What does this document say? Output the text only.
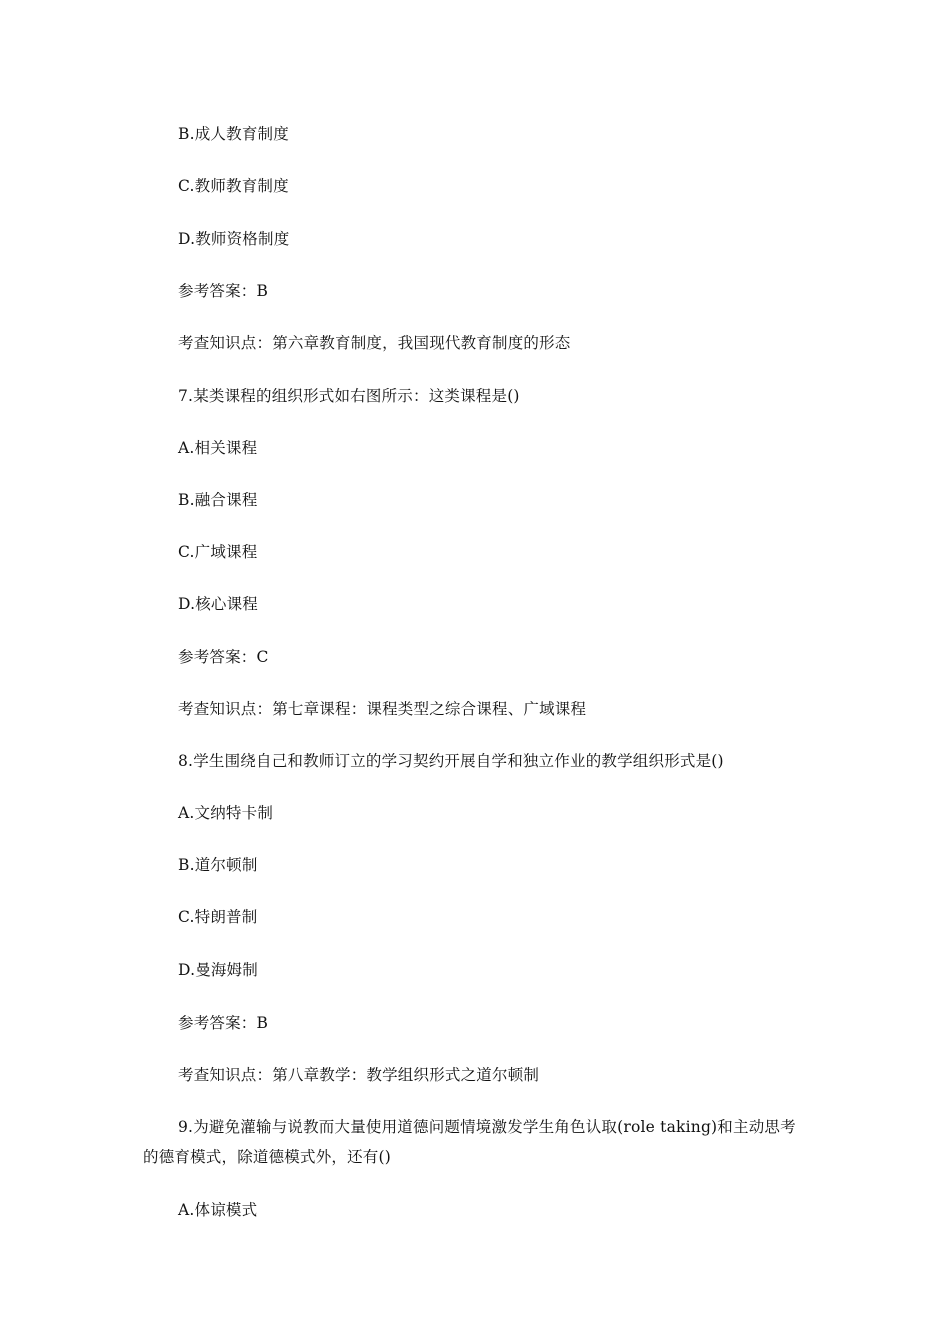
B.成人教育制度
C.教师教育制度
D.教师资格制度
参考答案：B
考查知识点：第六章教育制度，我国现代教育制度的形态
7.某类课程的组织形式如右图所示：这类课程是()
A.相关课程
B.融合课程
C.广域课程
D.核心课程
参考答案：C
考查知识点：第七章课程：课程类型之综合课程、广域课程
8.学生围绕自己和教师订立的学习契约开展自学和独立作业的教学组织形式是()
A.文纳特卡制
B.道尔顿制
C.特朗普制
D.曼海姆制
参考答案：B
考查知识点：第八章教学：教学组织形式之道尔顿制
9.为避免灌输与说教而大量使用道德问题情境激发学生角色认取(role taking)和主动思考的德育模式，除道德模式外，还有()
A.体谅模式
